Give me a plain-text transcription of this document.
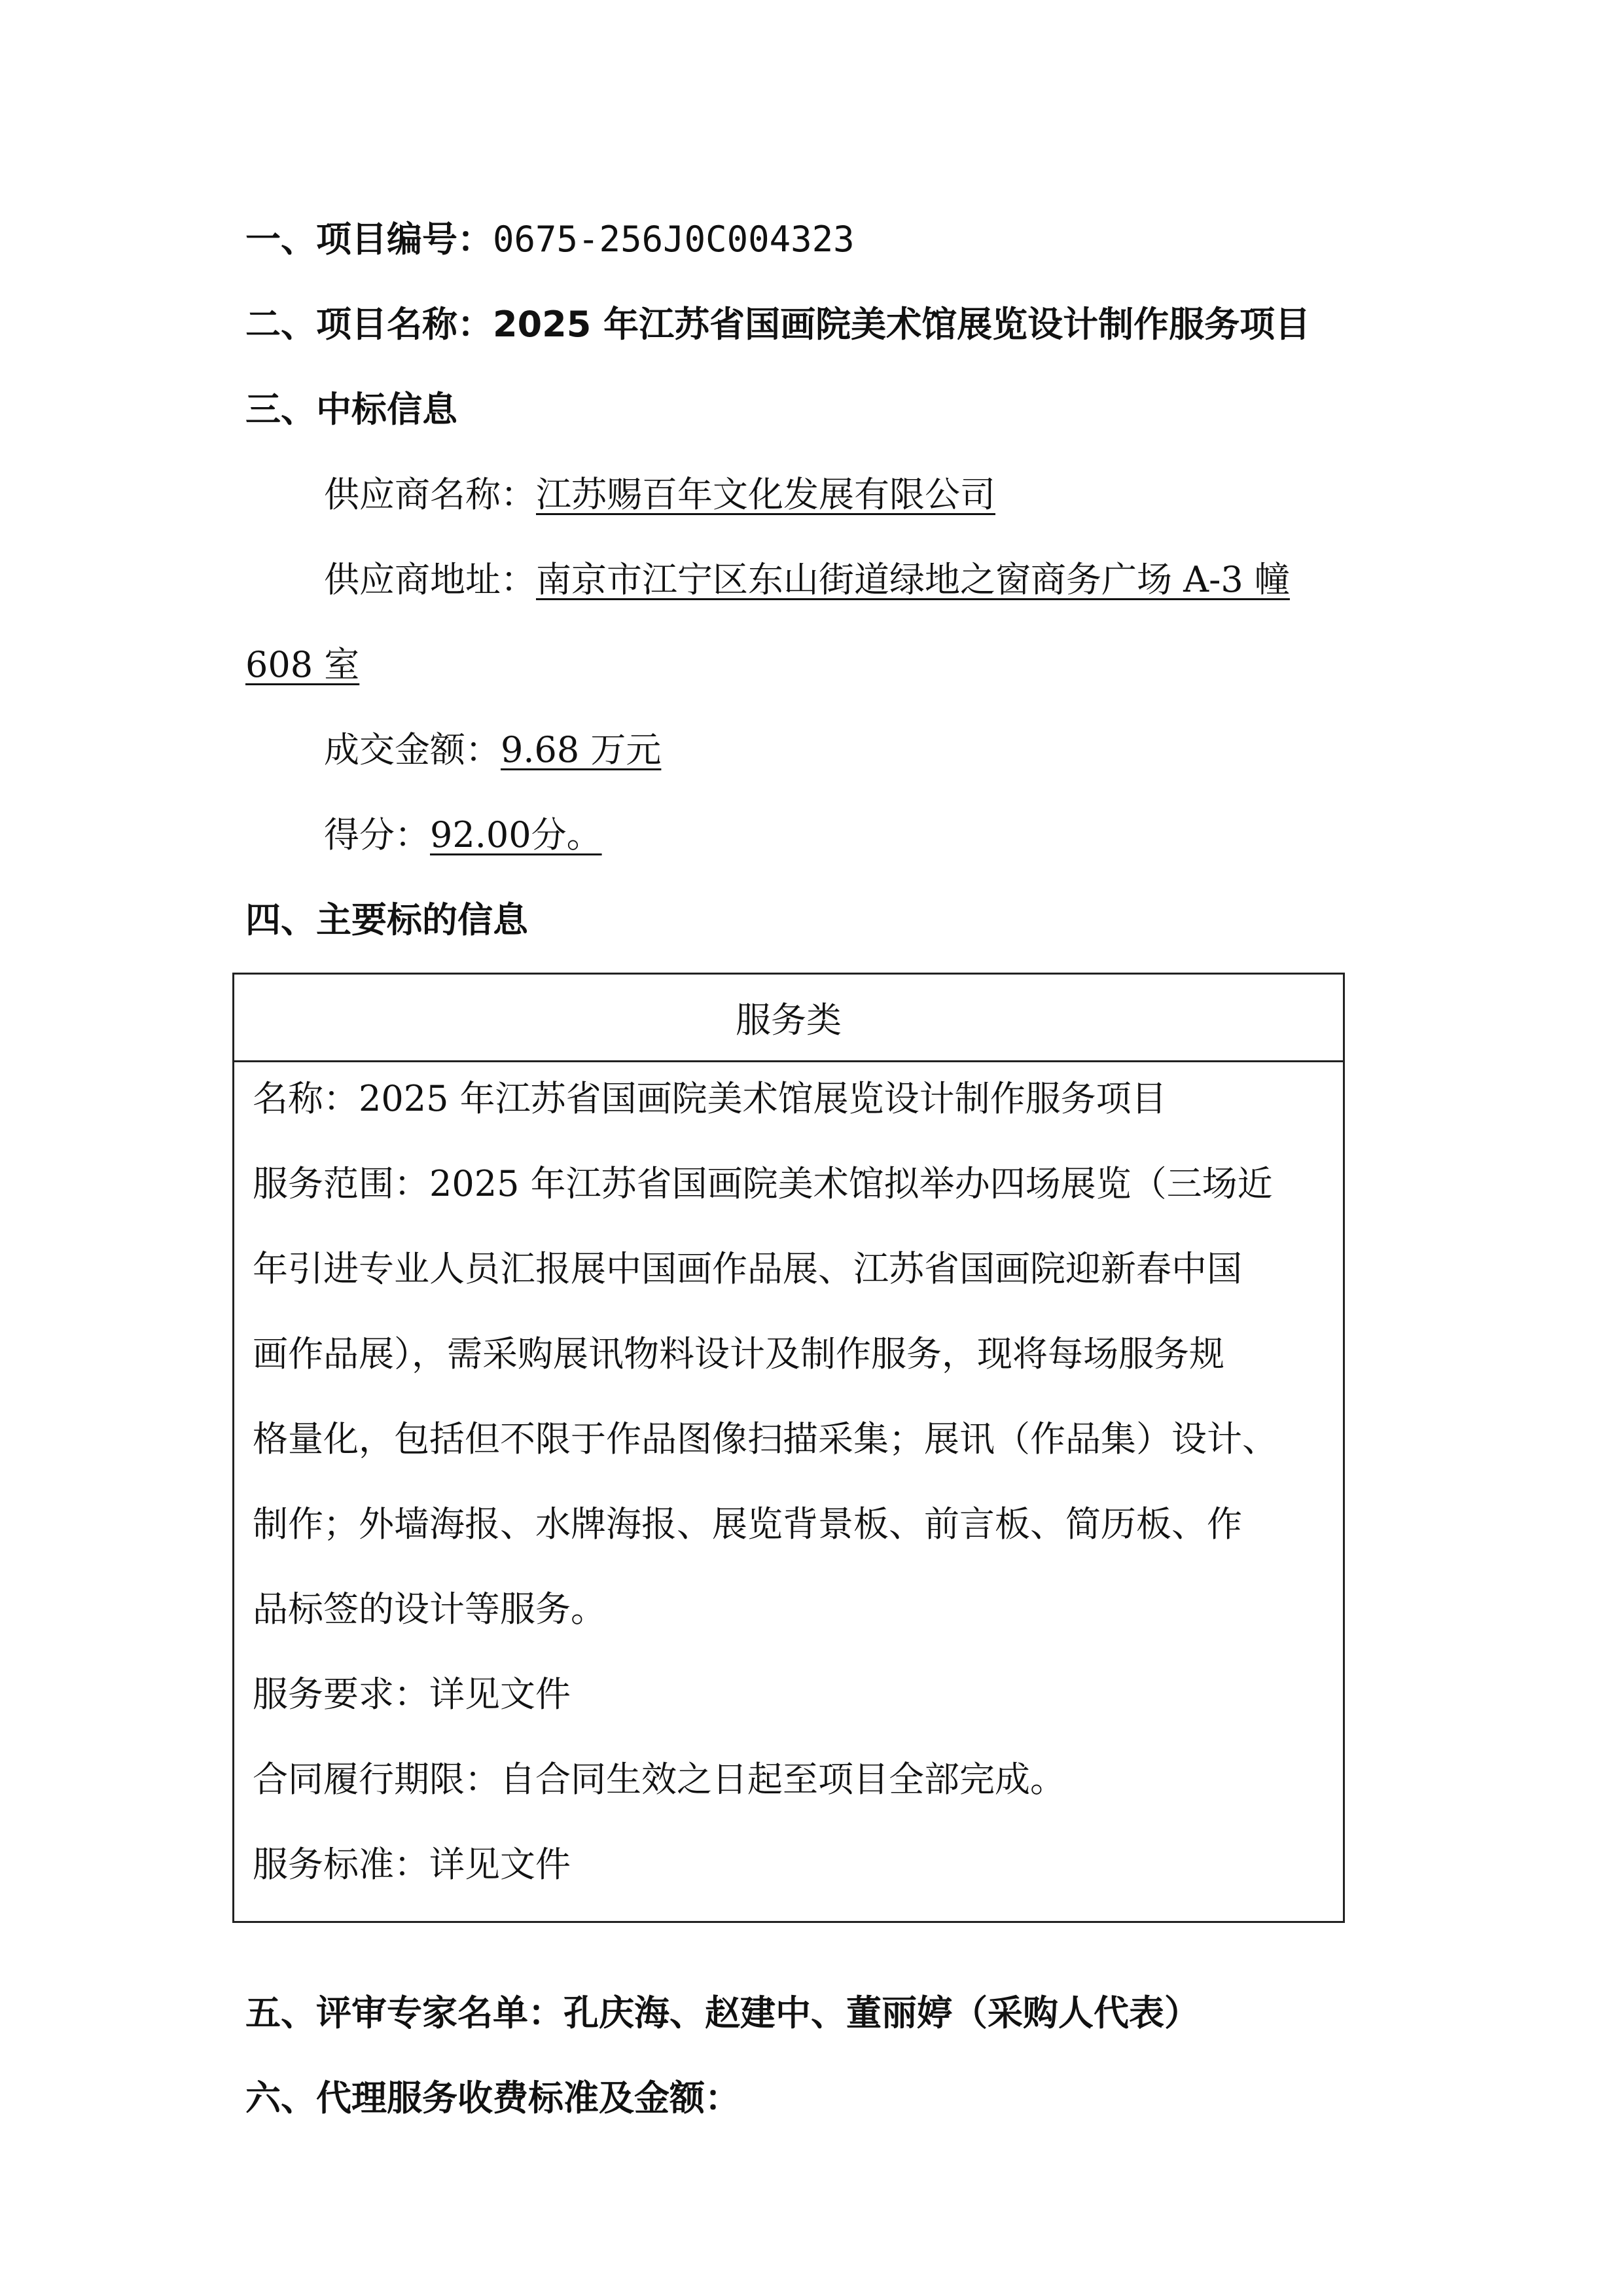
一、项目编号：0675-256J0C004323
二、项目名称：2025 年江苏省国画院美术馆展览设计制作服务项目
三、中标信息
供应商名称：江苏赐百年文化发展有限公司
供应商地址：南京市江宁区东山街道绿地之窗商务广场 A-3 幢
608 室
成交金额：9.68 万元
得分：92.00分。
四、主要标的信息
服务类
名称：2025 年江苏省国画院美术馆展览设计制作服务项目
服务范围：2025 年江苏省国画院美术馆拟举办四场展览（三场近
年引进专业人员汇报展中国画作品展、江苏省国画院迎新春中国
画作品展），需采购展讯物料设计及制作服务，现将每场服务规
格量化，包括但不限于作品图像扫描采集；展讯（作品集）设计、
制作；外墙海报、水牌海报、展览背景板、前言板、简历板、作
品标签的设计等服务。
服务要求：详见文件
合同履行期限：自合同生效之日起至项目全部完成。
服务标准：详见文件
五、评审专家名单：孔庆海、赵建中、董丽婷（采购人代表）
六、代理服务收费标准及金额：
